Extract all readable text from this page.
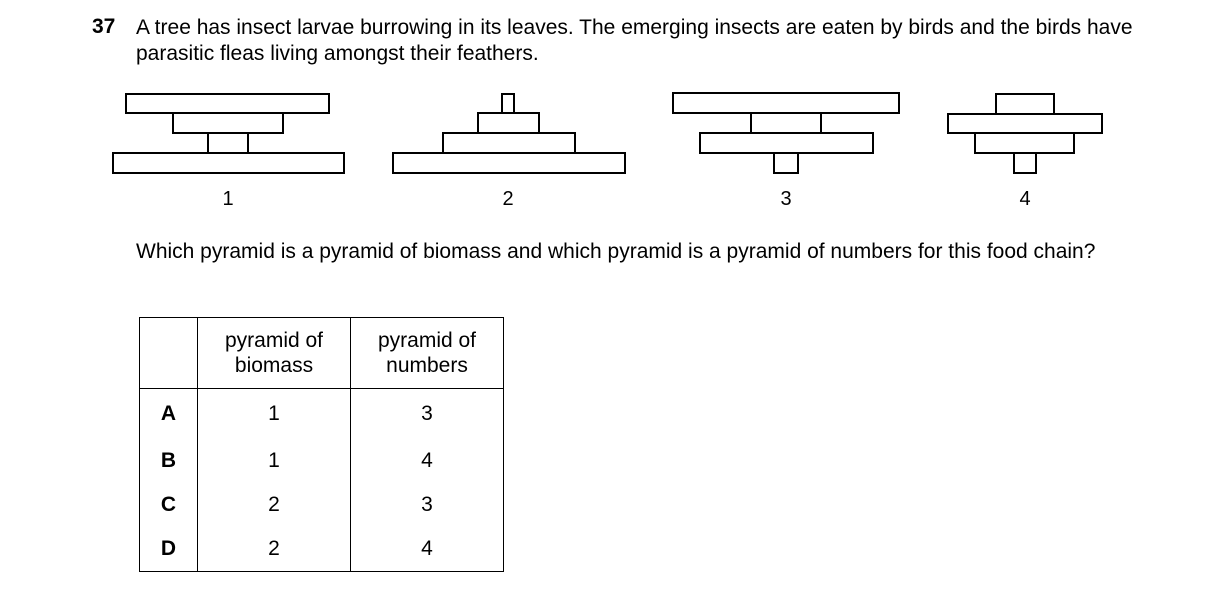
37 A tree has insect larvae burrowing in its leaves. The emerging insects are eaten by birds and the birds have parasitic fleas living amongst their feathers.
1	2	3	4
Which pyramid is a pyramid of biomass and which pyramid is a pyramid of numbers for this food chain?
	pyramid of biomass	pyramid of numbers
A	1	3
B	1	4
C	2	3
D	2	4
